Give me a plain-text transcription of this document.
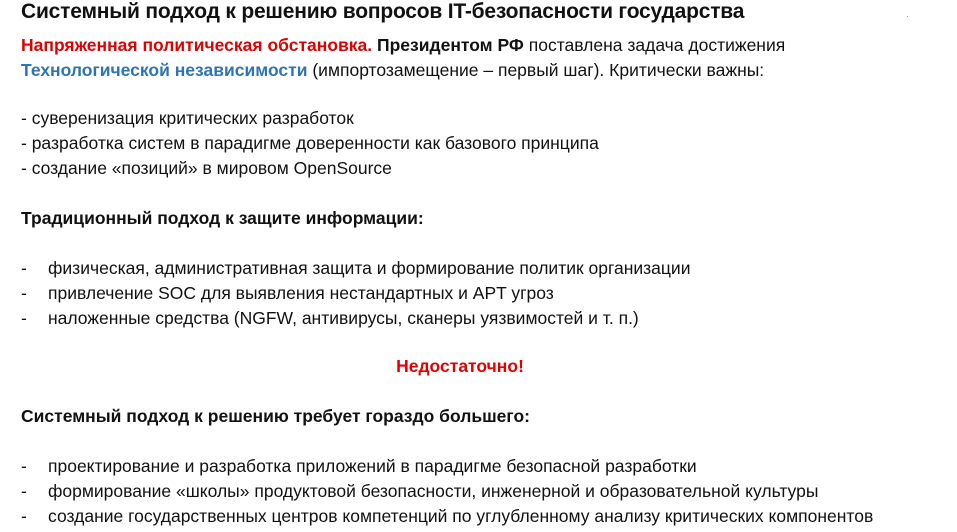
Системный подход к решению вопросов IT-безопасности государства
Напряженная политическая обстановка. Президентом РФ поставлена задача достижения
Технологической независимости (импортозамещение – первый шаг). Критически важны:
- суверенизация критических разработок
- разработка систем в парадигме доверенности как базового принципа
- создание «позиций» в мировом OpenSource
Традиционный подход к защите информации:
- физическая, административная защита и формирование политик организации
- привлечение SOC для выявления нестандартных и APT угроз
- наложенные средства (NGFW, антивирусы, сканеры уязвимостей и т. п.)
Недостаточно!
Системный подход к решению требует гораздо большего:
- проектирование и разработка приложений в парадигме безопасной разработки
- формирование «школы» продуктовой безопасности, инженерной и образовательной культуры
- создание государственных центров компетенций по углубленному анализу критических компонентов
